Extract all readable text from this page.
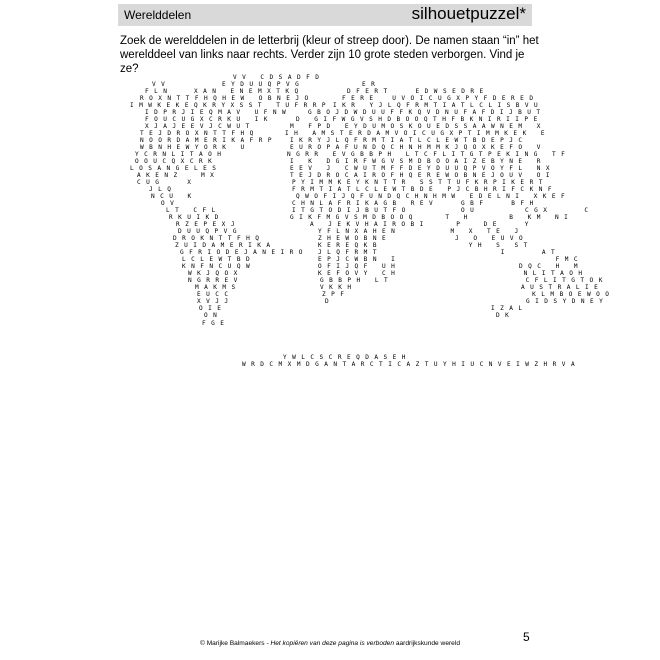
Werelddelen	silhouetpuzzel*
Zoek de werelddelen in de letterbrij (kleur of streep door). De namen staan “in” het werelddeel van links naar rechts. Verder zijn 10 grote steden verborgen. Vind je ze?
V V   C D S A D F D
E R
V V	E Y D U U Q P V G
F L N	X A N   E N E M X T K Q	D F E R T      E D W S E D R E
R O X N T T F H Q H E W   O B N E J O	F E R E    U V O I C U G X P Y F D E R E D
I M W K E K E Q K R Y X S S T   T U F R R P I K R   Y J L Q F R M T I A T L C L I S B V U
I D P R J I E Q M A V   U F N W	G B O J D W D U U F F K Q V D N U F A F D I J B U T
F O U C U G X C R K U   I K	D   G I F W G V S H D B O O Q T H F B K N I R I I P E
X J A J E E V J C W U T	M   F P D   E Y D U M O S K O U E D S S A A W N E M   X
T E J D R O X N T T F H Q	I H   A M S T E R D A M V O I C U G X P T I M M K E K   E
N O O R D A M E R I K A F R P	I K R Y J L Q F R M T I A T L C L E W T B D E P J C
W B N H E W Y O R K   U	E U R O P A F U N D Q C H N H M M K J Q O X K E F O   V
Y C R N L I T A O H	N G R R   E V G B B P H   L T C F L I T G T P E K I N G   T F
O O U C Q X C R K	I   K   D G I R F W G V S M D B O O A I Z E B Y N E   R
L O S A N G E L E S	E E V   J   C W U T M F F D E Y D U U Q P V O Y F L   N X
A K E N Z     M X	T E J D R O C A I R O F H Q E R E W O B N E J O U V   O I
C U G      X	P Y I M M K E Y K N T T R   S S T T U F K R P I K E R T
J L Q	F R M T I A T L C L E W T B D E   P J C B H R I F C K N F
N C U   K	Q W O F I J Q F U N D Q C H N H M W   E D E L N I   X K E F
O V	C H N L A F R I K A G B   R E V      G B F      B F H
L T   C F L	I T G T O D I J B U T F O            O U           C G X        C
R K U I K D	G I K F M G V S M D B O O Q       T   H         B   K M   N I
R Z E P E X J	A   J E K V H A I R O B I       P     D E      Y
D U U Q P V G	Y F L N X A H E N            M   X   T E   J
D R O K N T T F H Q	Z H E W O B N E               J   O   E U V O
Z U I D A M E R I K A	K E R E Q K B                    Y H   S   S T
G F R I O D E J A N E I R O J L Q F R M T                           I        A T
L C L E W T B D	E P J C W B N   I                                   F M C
K N F N C U Q W	O F I J Q F   U H                           D Q C   H   M
W K J Q O X	K E F O V Y   C H                            N L I T A O H
N G R R E V	G B B P H   L T                              C F L I T G T O K
M A K M S	V K K H                                     A U S T R A L I E
E U C C	Z P F                                         K L M B O E W O O
X V J J	D                                           G I D S Y D N E Y
O I E	I Z A L
O N	D K
F G E
Y W L C S C R E Q D A S E H
W R D C M X M D G A N T A R C T I C A Z T U Y H I U C N V E I W Z H R V A
5
© Marijke Balmaekers - Het kopiëren van deze pagina is verboden aardrijkskunde wereld
